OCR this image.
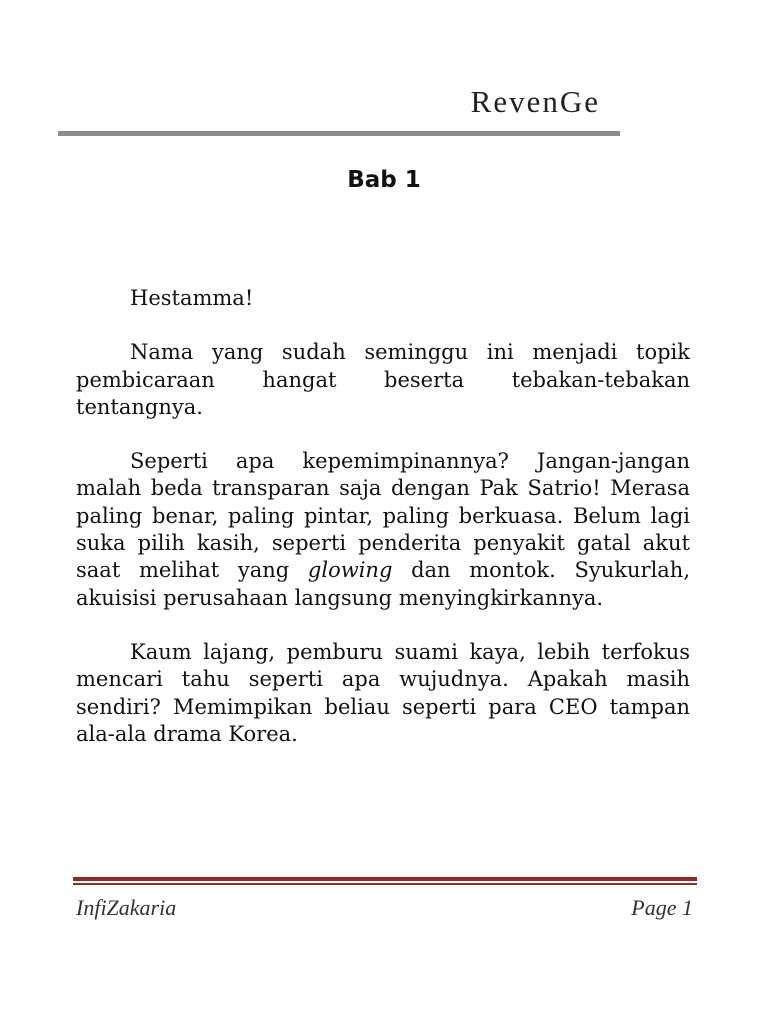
RevenGe
Bab 1

Hestamma!

Nama yang sudah seminggu ini menjadi topik pembicaraan hangat beserta tebakan-tebakan tentangnya.

Seperti apa kepemimpinannya? Jangan-jangan malah beda transparan saja dengan Pak Satrio! Merasa paling benar, paling pintar, paling berkuasa. Belum lagi suka pilih kasih, seperti penderita penyakit gatal akut saat melihat yang glowing dan montok. Syukurlah, akuisisi perusahaan langsung menyingkirkannya.

Kaum lajang, pemburu suami kaya, lebih terfokus mencari tahu seperti apa wujudnya. Apakah masih sendiri? Memimpikan beliau seperti para CEO tampan ala-ala drama Korea.

InfiZakaria	Page 1
